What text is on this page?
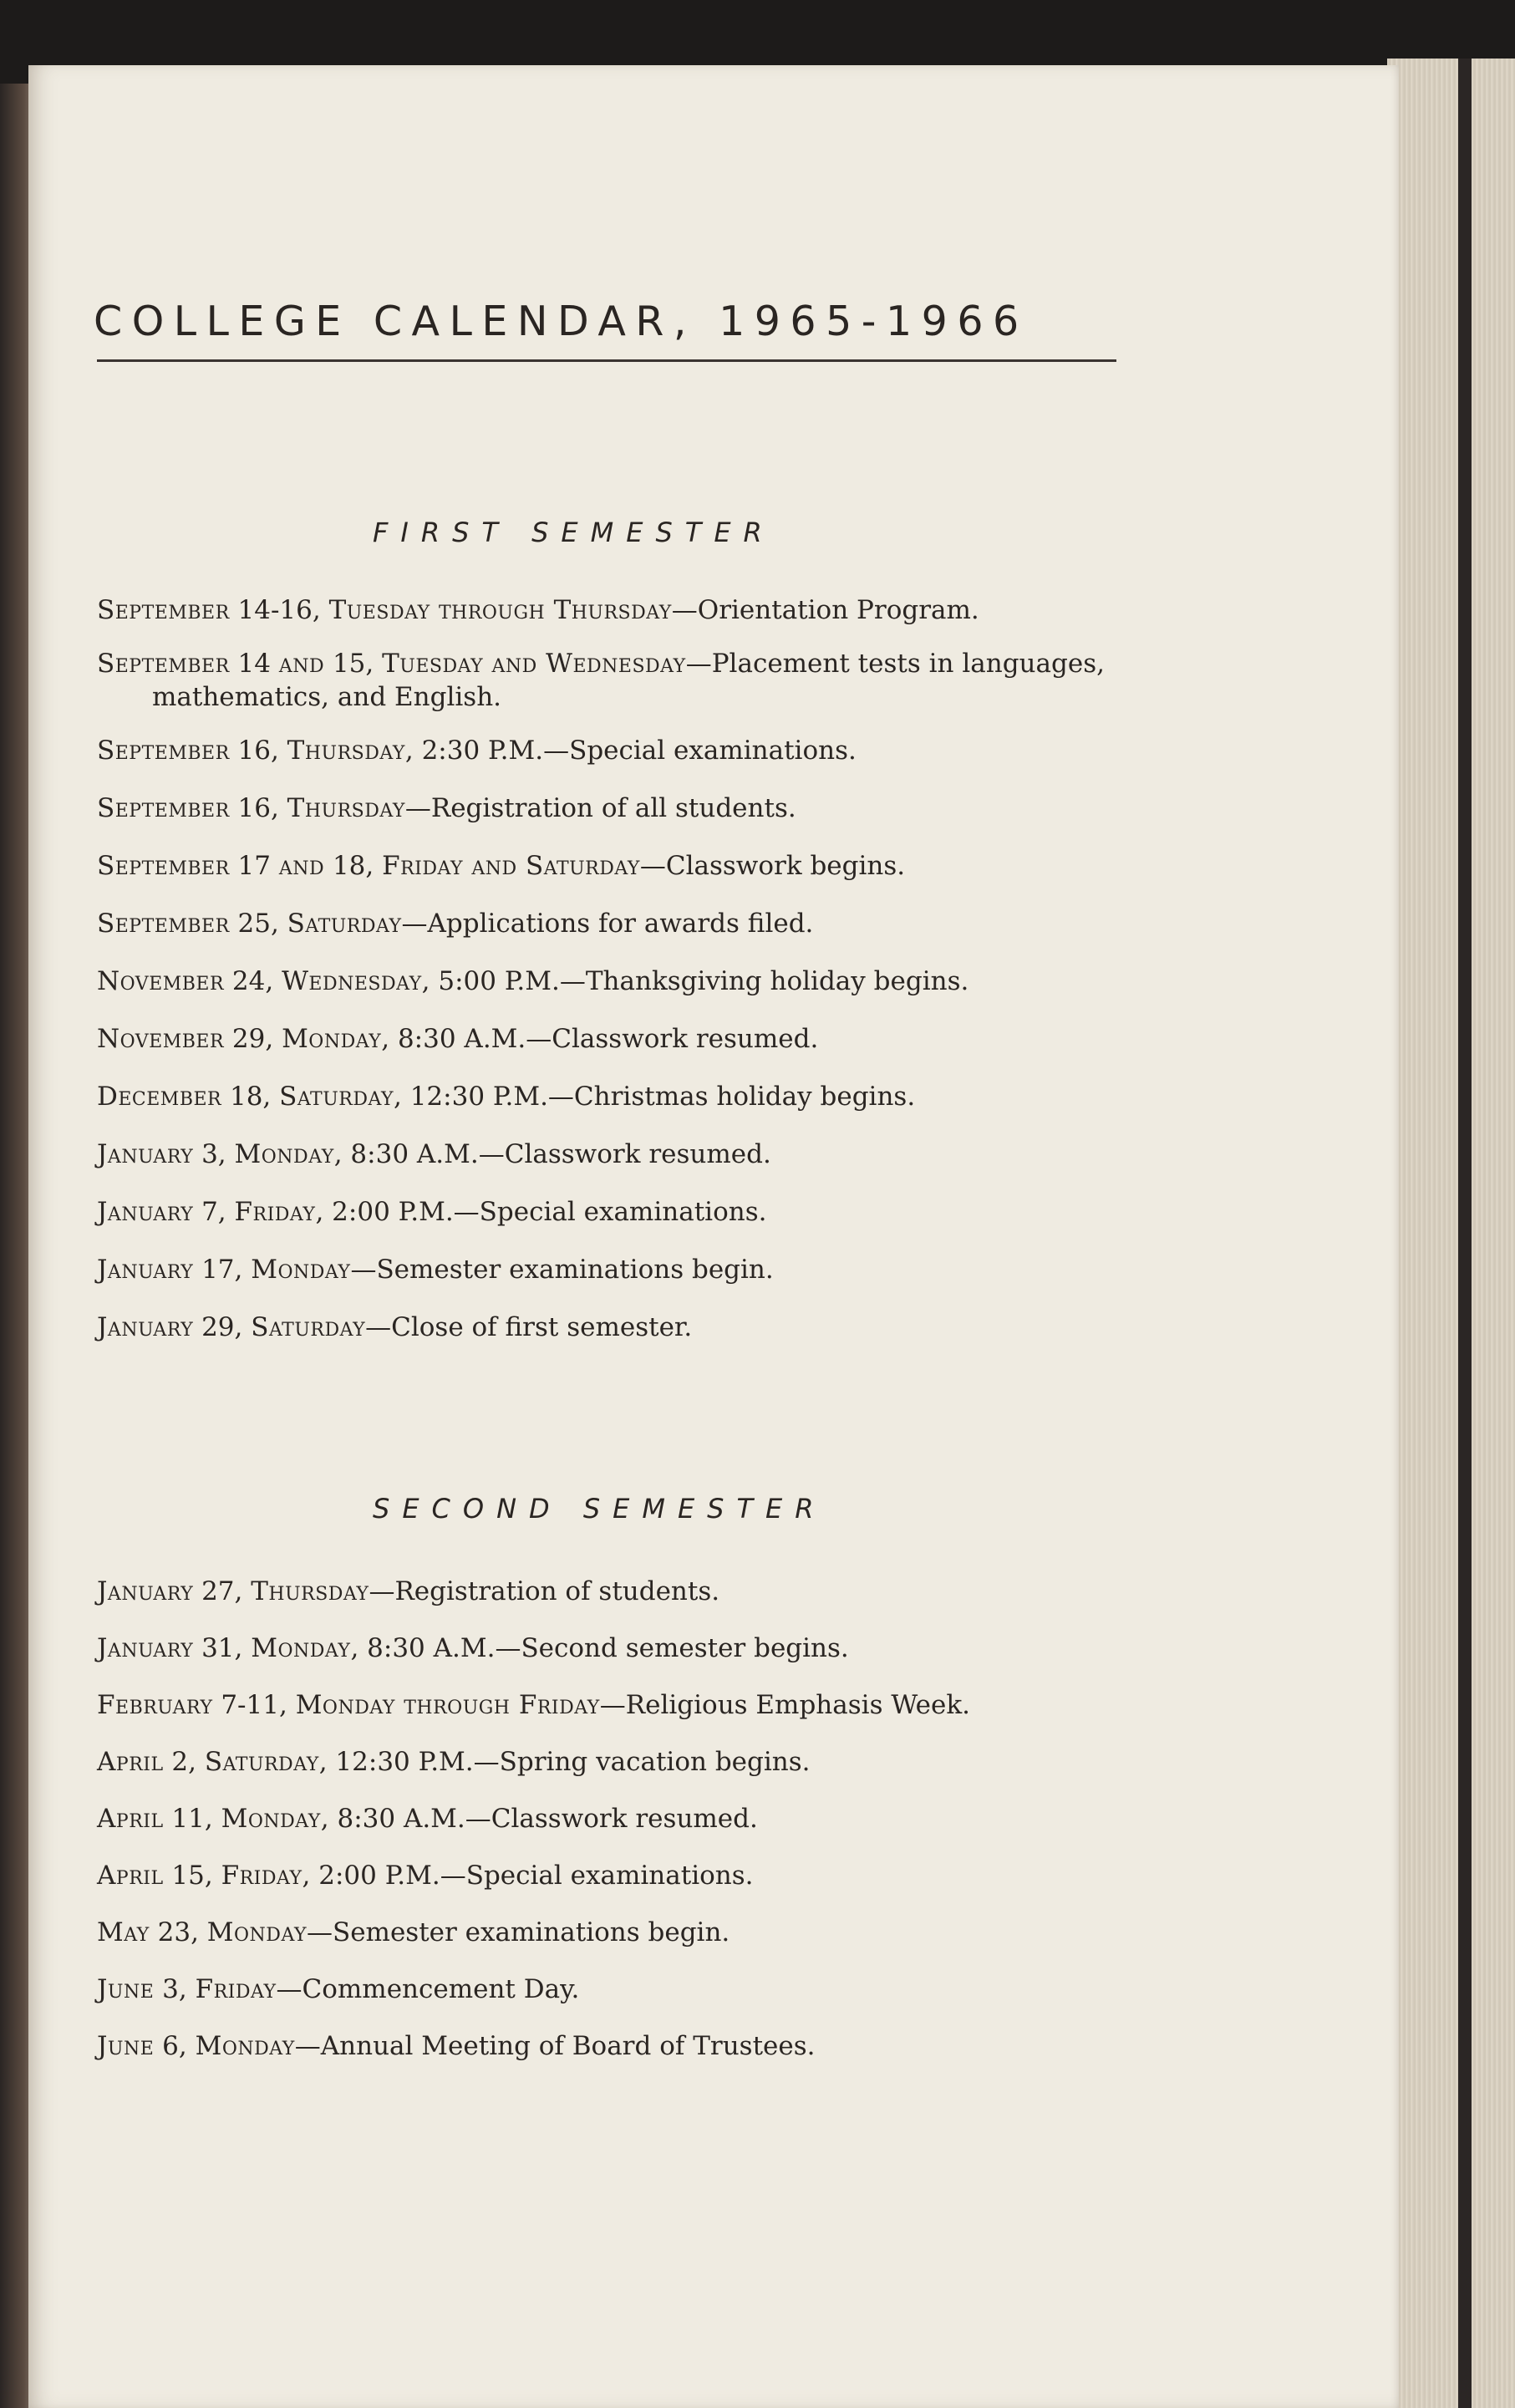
COLLEGE CALENDAR, 1965-1966
FIRST SEMESTER
September 14-16, Tuesday through Thursday—Orientation Program.
September 14 and 15, Tuesday and Wednesday—Placement tests in languages, mathematics, and English.
September 16, Thursday, 2:30 P.M.—Special examinations.
September 16, Thursday—Registration of all students.
September 17 and 18, Friday and Saturday—Classwork begins.
September 25, Saturday—Applications for awards filed.
November 24, Wednesday, 5:00 P.M.—Thanksgiving holiday begins.
November 29, Monday, 8:30 A.M.—Classwork resumed.
December 18, Saturday, 12:30 P.M.—Christmas holiday begins.
January 3, Monday, 8:30 A.M.—Classwork resumed.
January 7, Friday, 2:00 P.M.—Special examinations.
January 17, Monday—Semester examinations begin.
January 29, Saturday—Close of first semester.
SECOND SEMESTER
January 27, Thursday—Registration of students.
January 31, Monday, 8:30 A.M.—Second semester begins.
February 7-11, Monday through Friday—Religious Emphasis Week.
April 2, Saturday, 12:30 P.M.—Spring vacation begins.
April 11, Monday, 8:30 A.M.—Classwork resumed.
April 15, Friday, 2:00 P.M.—Special examinations.
May 23, Monday—Semester examinations begin.
June 3, Friday—Commencement Day.
June 6, Monday—Annual Meeting of Board of Trustees.
